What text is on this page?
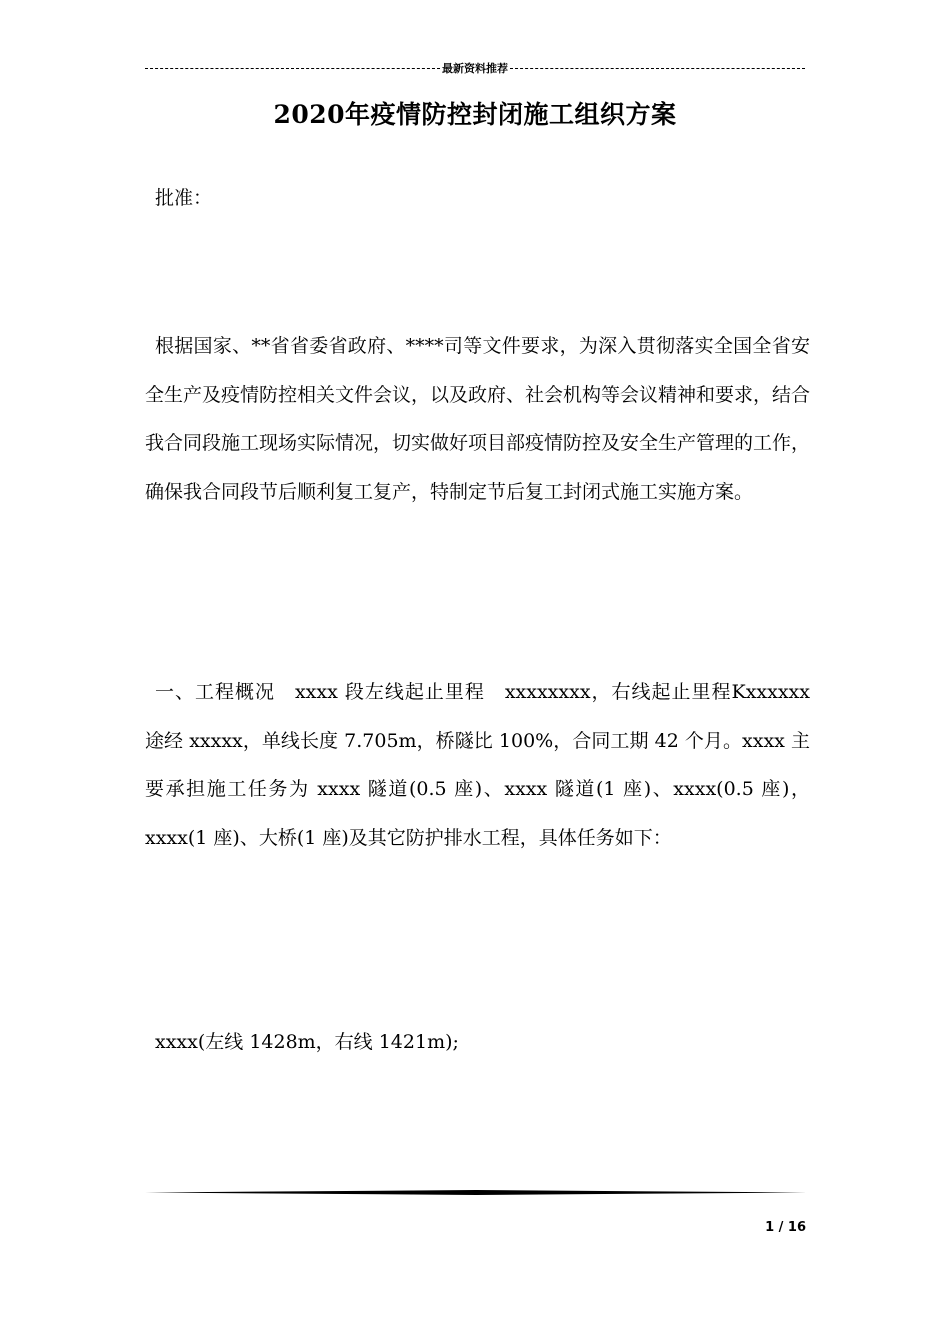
最新资料推荐
2020年疫情防控封闭施工组织方案
批准：
根据国家、**省省委省政府、****司等文件要求，为深入贯彻落实全国全省安全生产及疫情防控相关文件会议，以及政府、社会机构等会议精神和要求，结合我合同段施工现场实际情况，切实做好项目部疫情防控及安全生产管理的工作，确保我合同段节后顺利复工复产，特制定节后复工封闭式施工实施方案。
一、工程概况　xxxx 段左线起止里程　xxxxxxxx，右线起止里程Kxxxxxx 途经 xxxxx，单线长度 7.705m，桥隧比 100%，合同工期 42 个月。xxxx 主要承担施工任务为 xxxx 隧道(0.5 座)、xxxx 隧道(1 座)、xxxx(0.5 座)，xxxx(1 座)、大桥(1 座)及其它防护排水工程，具体任务如下：
xxxx(左线 1428m，右线 1421m);
1 / 16
